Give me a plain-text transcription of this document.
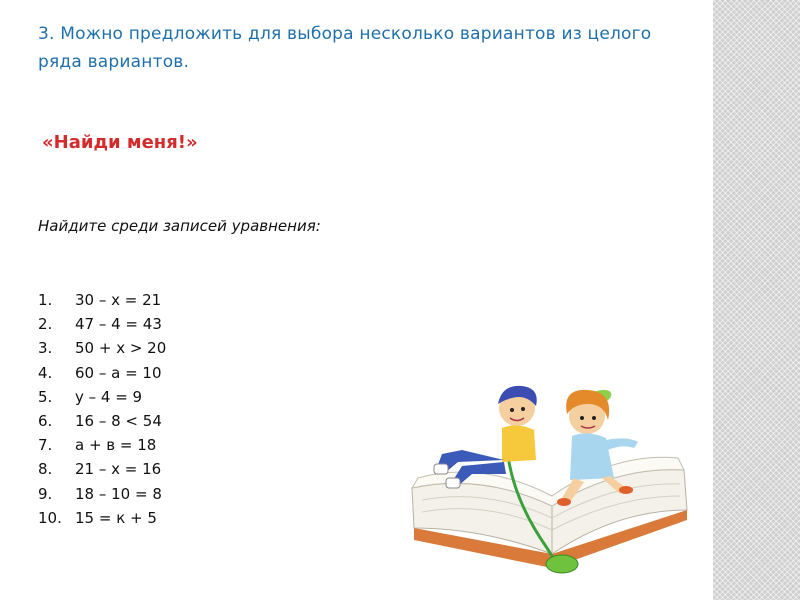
3. Можно предложить для выбора несколько вариантов из целого ряда вариантов.
«Найди меня!»
Найдите среди записей уравнения:
1.	30 – х = 21
2.	47 – 4 = 43
3.	50 + х > 20
4.	60 – а = 10
5.	у – 4 = 9
6.	16 – 8 < 54
7.	а + в = 18
8.	21 – х = 16
9.	18 – 10 = 8
10. 15 = к + 5
